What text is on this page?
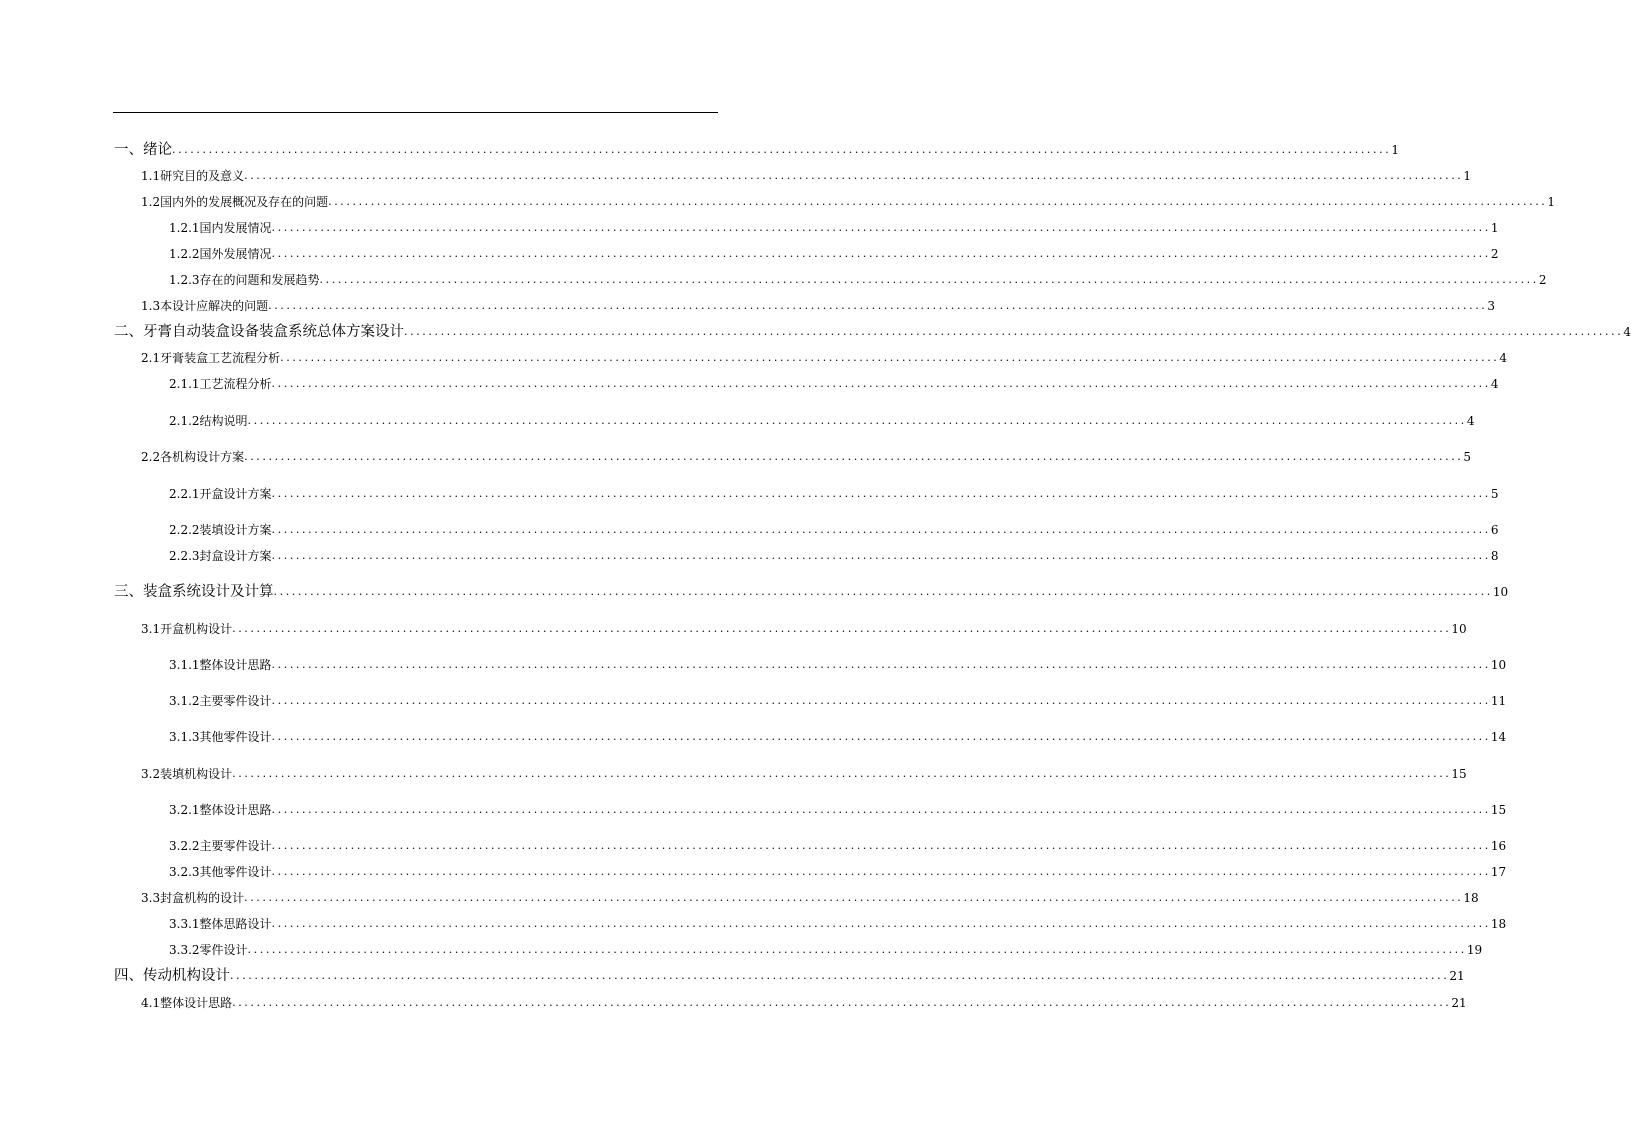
一、绪论 ........................................................................................................................................................................................................ 1
1.1研究目的及意义 ........................................................................................................................................................................................................ 1
1.2国内外的发展概况及存在的问题 ........................................................................................................................................................................................................ 1
1.2.1国内发展情况 ........................................................................................................................................................................................................ 1
1.2.2国外发展情况 ........................................................................................................................................................................................................ 2
1.2.3存在的问题和发展趋势 ........................................................................................................................................................................................................ 2
1.3本设计应解决的问题 ........................................................................................................................................................................................................ 3
二、牙膏自动装盒设备装盒系统总体方案设计 ........................................................................................................................................................................................................ 4
2.1牙膏装盒工艺流程分析 ........................................................................................................................................................................................................ 4
2.1.1工艺流程分析 ........................................................................................................................................................................................................ 4
2.1.2结构说明 ........................................................................................................................................................................................................ 4
2.2各机构设计方案 ........................................................................................................................................................................................................ 5
2.2.1开盒设计方案 ........................................................................................................................................................................................................ 5
2.2.2装填设计方案 ........................................................................................................................................................................................................ 6
2.2.3封盒设计方案 ........................................................................................................................................................................................................ 8
三、装盒系统设计及计算 ........................................................................................................................................................................................................ 10
3.1开盒机构设计 ........................................................................................................................................................................................................ 10
3.1.1整体设计思路 ........................................................................................................................................................................................................ 10
3.1.2主要零件设计 ........................................................................................................................................................................................................ 11
3.1.3其他零件设计 ........................................................................................................................................................................................................ 14
3.2装填机构设计 ........................................................................................................................................................................................................ 15
3.2.1整体设计思路 ........................................................................................................................................................................................................ 15
3.2.2主要零件设计 ........................................................................................................................................................................................................ 16
3.2.3其他零件设计 ........................................................................................................................................................................................................ 17
3.3封盒机构的设计 ........................................................................................................................................................................................................ 18
3.3.1整体思路设计 ........................................................................................................................................................................................................ 18
3.3.2零件设计 ........................................................................................................................................................................................................ 19
四、传动机构设计 ........................................................................................................................................................................................................ 21
4.1整体设计思路 ........................................................................................................................................................................................................ 21
